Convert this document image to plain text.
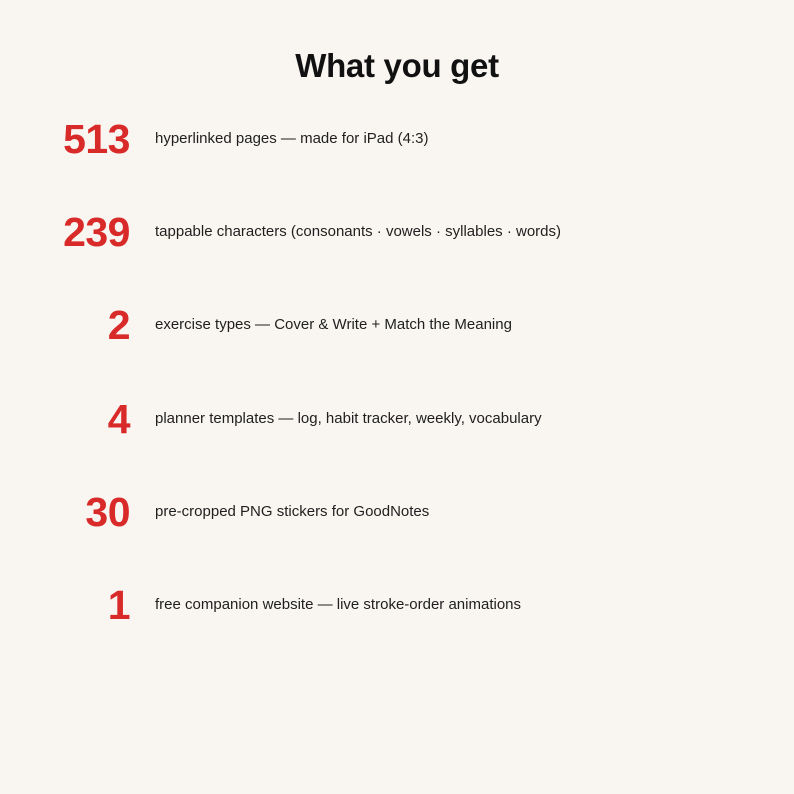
What you get
513 hyperlinked pages — made for iPad (4:3)
239 tappable characters (consonants · vowels · syllables · words)
2 exercise types — Cover & Write + Match the Meaning
4 planner templates — log, habit tracker, weekly, vocabulary
30 pre-cropped PNG stickers for GoodNotes
1 free companion website — live stroke-order animations
